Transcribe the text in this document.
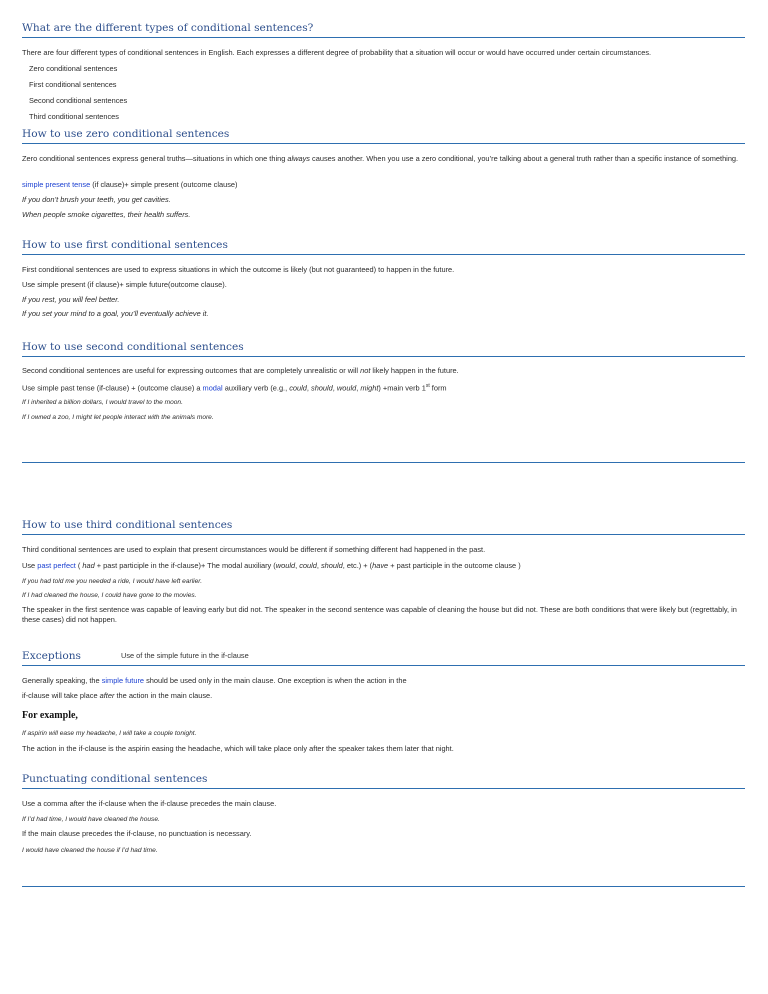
What are the different types of conditional sentences?
There are four different types of conditional sentences in English. Each expresses a different degree of probability that a situation will occur or would have occurred under certain circumstances.
Zero conditional sentences
First conditional sentences
Second conditional sentences
Third conditional sentences
How to use zero conditional sentences
Zero conditional sentences express general truths—situations in which one thing always causes another. When you use a zero conditional, you’re talking about a general truth rather than a specific instance of something.
simple present tense (if clause)+ simple present (outcome clause)
If you don’t brush your teeth, you get cavities.
When people smoke cigarettes, their health suffers.
How to use first conditional sentences
First conditional sentences are used to express situations in which the outcome is likely (but not guaranteed) to happen in the future.
Use simple present (if clause)+ simple future(outcome clause).
If you rest, you will feel better.
If you set your mind to a goal, you’ll eventually achieve it.
How to use second conditional sentences
Second conditional sentences are useful for expressing outcomes that are completely unrealistic or will not likely happen in the future.
Use simple past tense (if-clause) + (outcome clause) a modal auxiliary verb (e.g., could, should, would, might) +main verb 1st form
If I inherited a billion dollars, I would travel to the moon.
If I owned a zoo, I might let people interact with the animals more.
How to use third conditional sentences
Third conditional sentences are used to explain that present circumstances would be different if something different had happened in the past.
Use past perfect ( had + past participle in the if-clause)+ The modal auxiliary (would, could, should, etc.) + (have + past participle in the outcome clause )
If you had told me you needed a ride, I would have left earlier.
If I had cleaned the house, I could have gone to the movies.
The speaker in the first sentence was capable of leaving early but did not. The speaker in the second sentence was capable of cleaning the house but did not. These are both conditions that were likely but (regrettably, in these cases) did not happen.
Exceptions	Use of the simple future in the if-clause
Generally speaking, the simple future should be used only in the main clause. One exception is when the action in the
if-clause will take place after the action in the main clause.
For example,
If aspirin will ease my headache, I will take a couple tonight.
The action in the if-clause is the aspirin easing the headache, which will take place only after the speaker takes them later that night.
Punctuating conditional sentences
Use a comma after the if-clause when the if-clause precedes the main clause.
If I’d had time, I would have cleaned the house.
If the main clause precedes the if-clause, no punctuation is necessary.
I would have cleaned the house if I’d had time.
